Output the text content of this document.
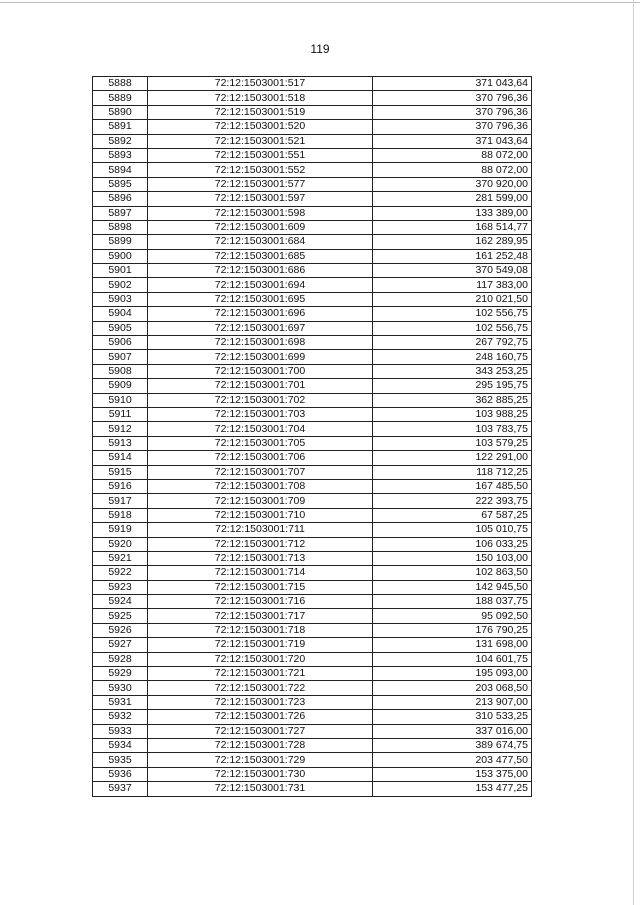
119
5888	72:12:1503001:517	371 043,64
5889	72:12:1503001:518	370 796,36
5890	72:12:1503001:519	370 796,36
5891	72:12:1503001:520	370 796,36
5892	72:12:1503001:521	371 043,64
5893	72:12:1503001:551	88 072,00
5894	72:12:1503001:552	88 072,00
5895	72:12:1503001:577	370 920,00
5896	72:12:1503001:597	281 599,00
5897	72:12:1503001:598	133 389,00
5898	72:12:1503001:609	168 514,77
5899	72:12:1503001:684	162 289,95
5900	72:12:1503001:685	161 252,48
5901	72:12:1503001:686	370 549,08
5902	72:12:1503001:694	117 383,00
5903	72:12:1503001:695	210 021,50
5904	72:12:1503001:696	102 556,75
5905	72:12:1503001:697	102 556,75
5906	72:12:1503001:698	267 792,75
5907	72:12:1503001:699	248 160,75
5908	72:12:1503001:700	343 253,25
5909	72:12:1503001:701	295 195,75
5910	72:12:1503001:702	362 885,25
5911	72:12:1503001:703	103 988,25
5912	72:12:1503001:704	103 783,75
5913	72:12:1503001:705	103 579,25
5914	72:12:1503001:706	122 291,00
5915	72:12:1503001:707	118 712,25
5916	72:12:1503001:708	167 485,50
5917	72:12:1503001:709	222 393,75
5918	72:12:1503001:710	67 587,25
5919	72:12:1503001:711	105 010,75
5920	72:12:1503001:712	106 033,25
5921	72:12:1503001:713	150 103,00
5922	72:12:1503001:714	102 863,50
5923	72:12:1503001:715	142 945,50
5924	72:12:1503001:716	188 037,75
5925	72:12:1503001:717	95 092,50
5926	72:12:1503001:718	176 790,25
5927	72:12:1503001:719	131 698,00
5928	72:12:1503001:720	104 601,75
5929	72:12:1503001:721	195 093,00
5930	72:12:1503001:722	203 068,50
5931	72:12:1503001:723	213 907,00
5932	72:12:1503001:726	310 533,25
5933	72:12:1503001:727	337 016,00
5934	72:12:1503001:728	389 674,75
5935	72:12:1503001:729	203 477,50
5936	72:12:1503001:730	153 375,00
5937	72:12:1503001:731	153 477,25
